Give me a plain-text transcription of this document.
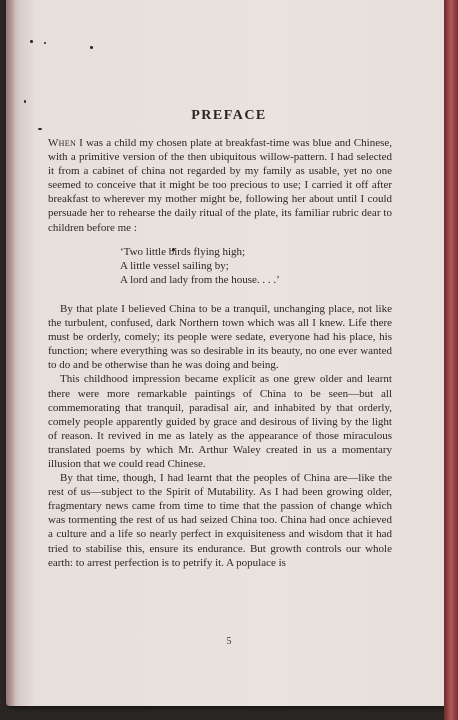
PREFACE

When I was a child my chosen plate at breakfast-time was blue and Chinese, with a primitive version of the then ubiquitous willow-pattern. I had selected it from a cabinet of china not regarded by my family as usable, yet no one seemed to conceive that it might be too precious to use; I carried it off after breakfast to wherever my mother might be, following her about until I could persuade her to rehearse the daily ritual of the plate, its familiar rubric dear to children before me :

‘Two little birds flying high;
A little vessel sailing by;
A lord and lady from the house. . . .’

By that plate I believed China to be a tranquil, unchanging place, not like the turbulent, confused, dark Northern town which was all I knew. Life there must be orderly, comely; its people were sedate, everyone had his place, his function; where everything was so desirable in its beauty, no one ever wanted to do and be otherwise than he was doing and being.

This childhood impression became explicit as one grew older and learnt there were more remarkable paintings of China to be seen—but all commemorating that tranquil, paradisal air, and inhabited by that orderly, comely people apparently guided by grace and desirous of living by the light of reason. It revived in me as lately as the appearance of those miraculous translated poems by which Mr. Arthur Waley created in us a momentary illusion that we could read Chinese.

By that time, though, I had learnt that the peoples of China are—like the rest of us—subject to the Spirit of Mutability. As I had been growing older, fragmentary news came from time to time that the passion of change which was tormenting the rest of us had seized China too. China had once achieved a culture and a life so nearly perfect in exquisiteness and wisdom that it had tried to stabilise this, ensure its endurance. But growth controls our whole earth: to arrest perfection is to petrify it. A populace is

5
